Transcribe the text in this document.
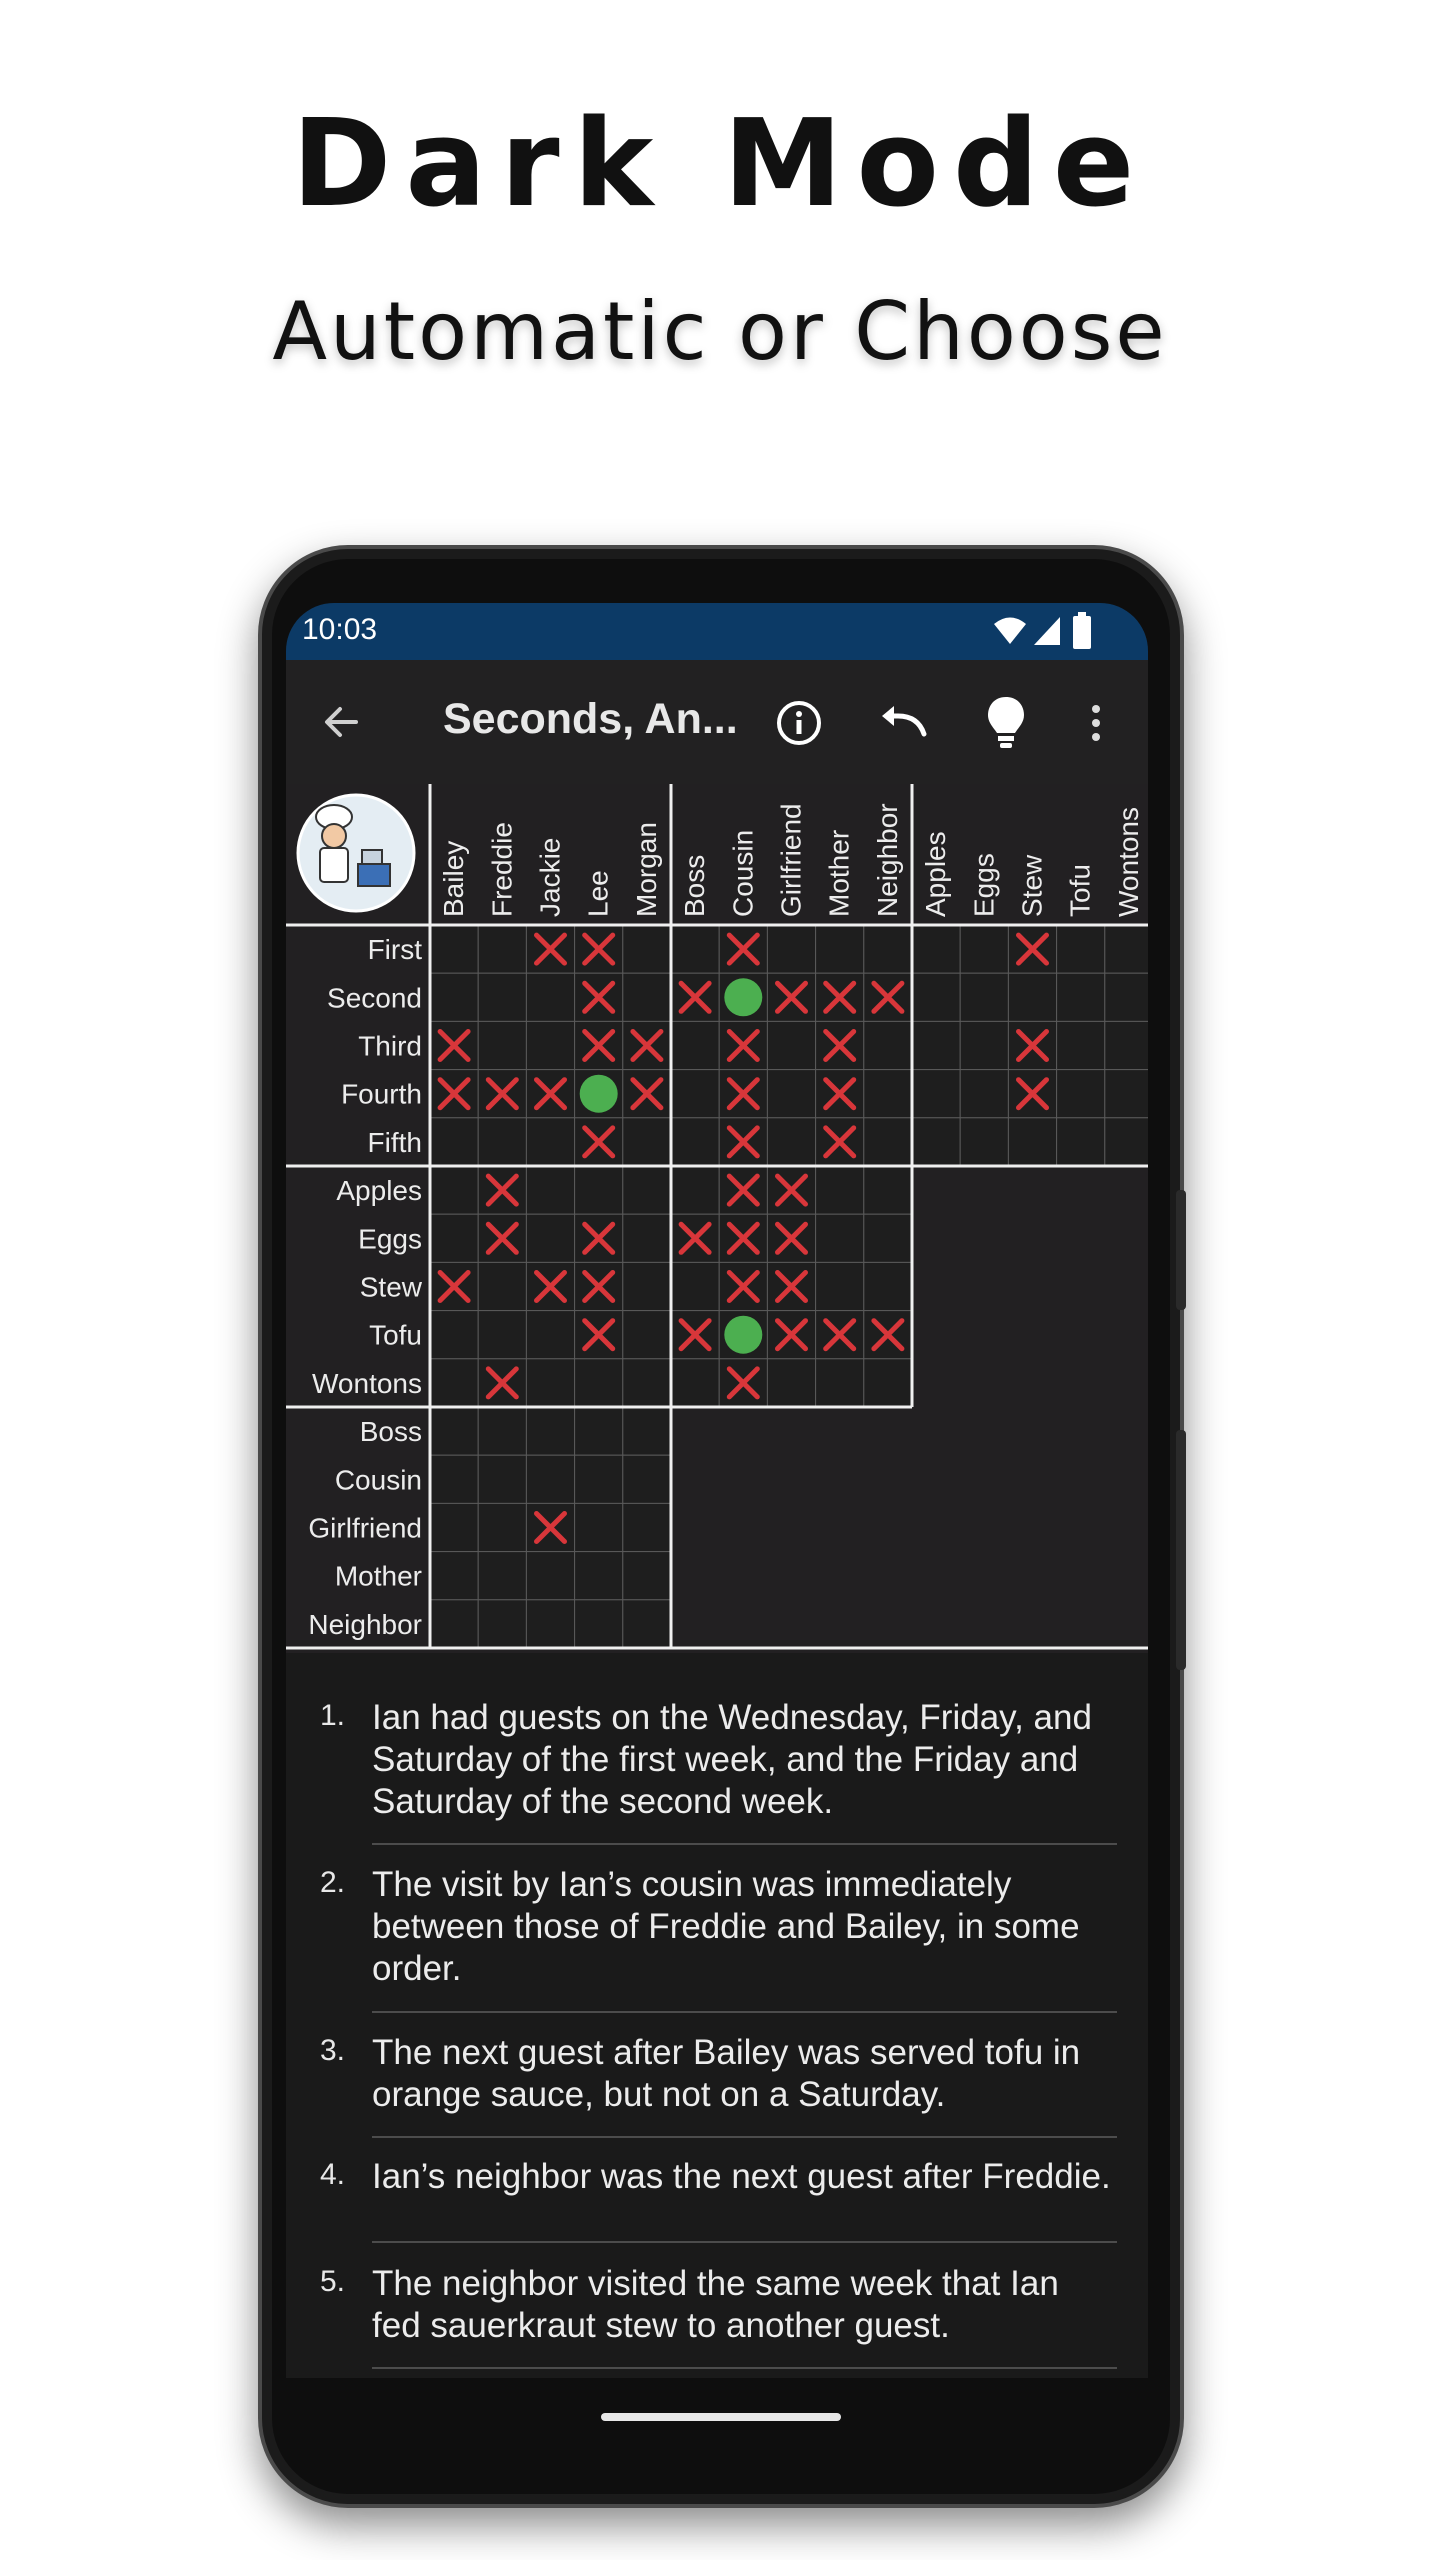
Dark Mode
Automatic or Choose
10:03
Seconds, An...
Bailey Freddie Jackie Lee Morgan Boss Cousin Girlfriend Mother Neighbor Apples Eggs Stew Tofu Wontons
First
Second
Third
Fourth
Fifth
Apples
Eggs
Stew
Tofu
Wontons
Boss
Cousin
Girlfriend
Mother
Neighbor
1. Ian had guests on the Wednesday, Friday, and Saturday of the first week, and the Friday and Saturday of the second week.
2. The visit by Ian’s cousin was immediately between those of Freddie and Bailey, in some order.
3. The next guest after Bailey was served tofu in orange sauce, but not on a Saturday.
4. Ian’s neighbor was the next guest after Freddie.
5. The neighbor visited the same week that Ian fed sauerkraut stew to another guest.
